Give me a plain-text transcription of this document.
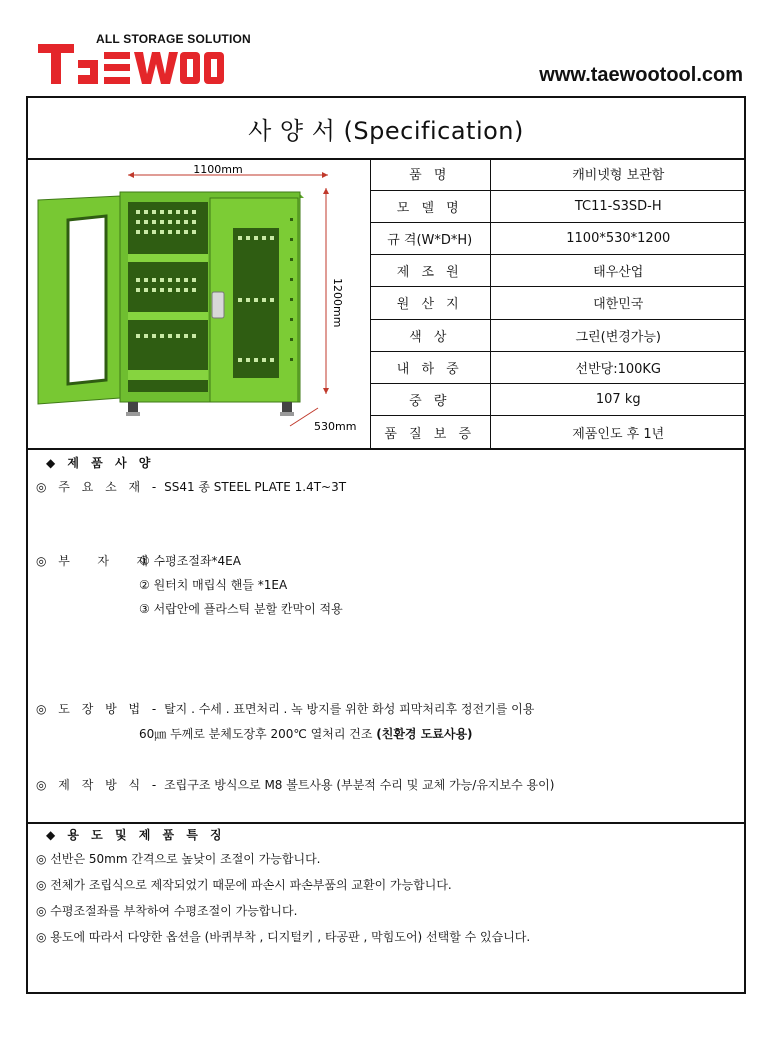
ALL STORAGE SOLUTION
www.taewootool.com
사 양 서 (Specification)
1100mm
1200mm
530mm
품 명	캐비넷형 보관함
모 델 명	TC11-S3SD-H
규 격(W*D*H)	1100*530*1200
제 조 원	태우산업
원 산 지	대한민국
색 상	그린(변경가능)
내 하 중	선반당:100KG
중 량	107 kg
품 질 보 증	제품인도 후 1년
◆ 제 품 사 양
◎ 주 요 소 재 - SS41 종 STEEL PLATE 1.4T~3T
◎ 부   자   재 -
① 수평조절좌*4EA
② 원터치 매립식 핸들 *1EA
③ 서랍안에 플라스틱 분할 칸막이 적용
◎ 도 장 방 법 - 탈지 . 수세 . 표면처리 . 녹 방지를 위한 화성 피막처리후 정전기를 이용
60㎛ 두께로 분체도장후 200℃ 열처리 건조 (친환경 도료사용)
◎ 제 작 방 식 - 조립구조 방식으로 M8 볼트사용 (부분적 수리 및 교체 가능/유지보수 용이)
◆ 용 도 및 제 품 특 징
◎ 선반은 50mm 간격으로 높낮이 조절이 가능합니다.
◎ 전체가 조립식으로 제작되었기 때문에 파손시 파손부품의 교환이 가능합니다.
◎ 수평조절좌를 부착하여 수평조절이 가능합니다.
◎ 용도에 따라서 다양한 옵션을 (바퀴부착 , 디지털키 , 타공판 , 막힘도어) 선택할 수 있습니다.
